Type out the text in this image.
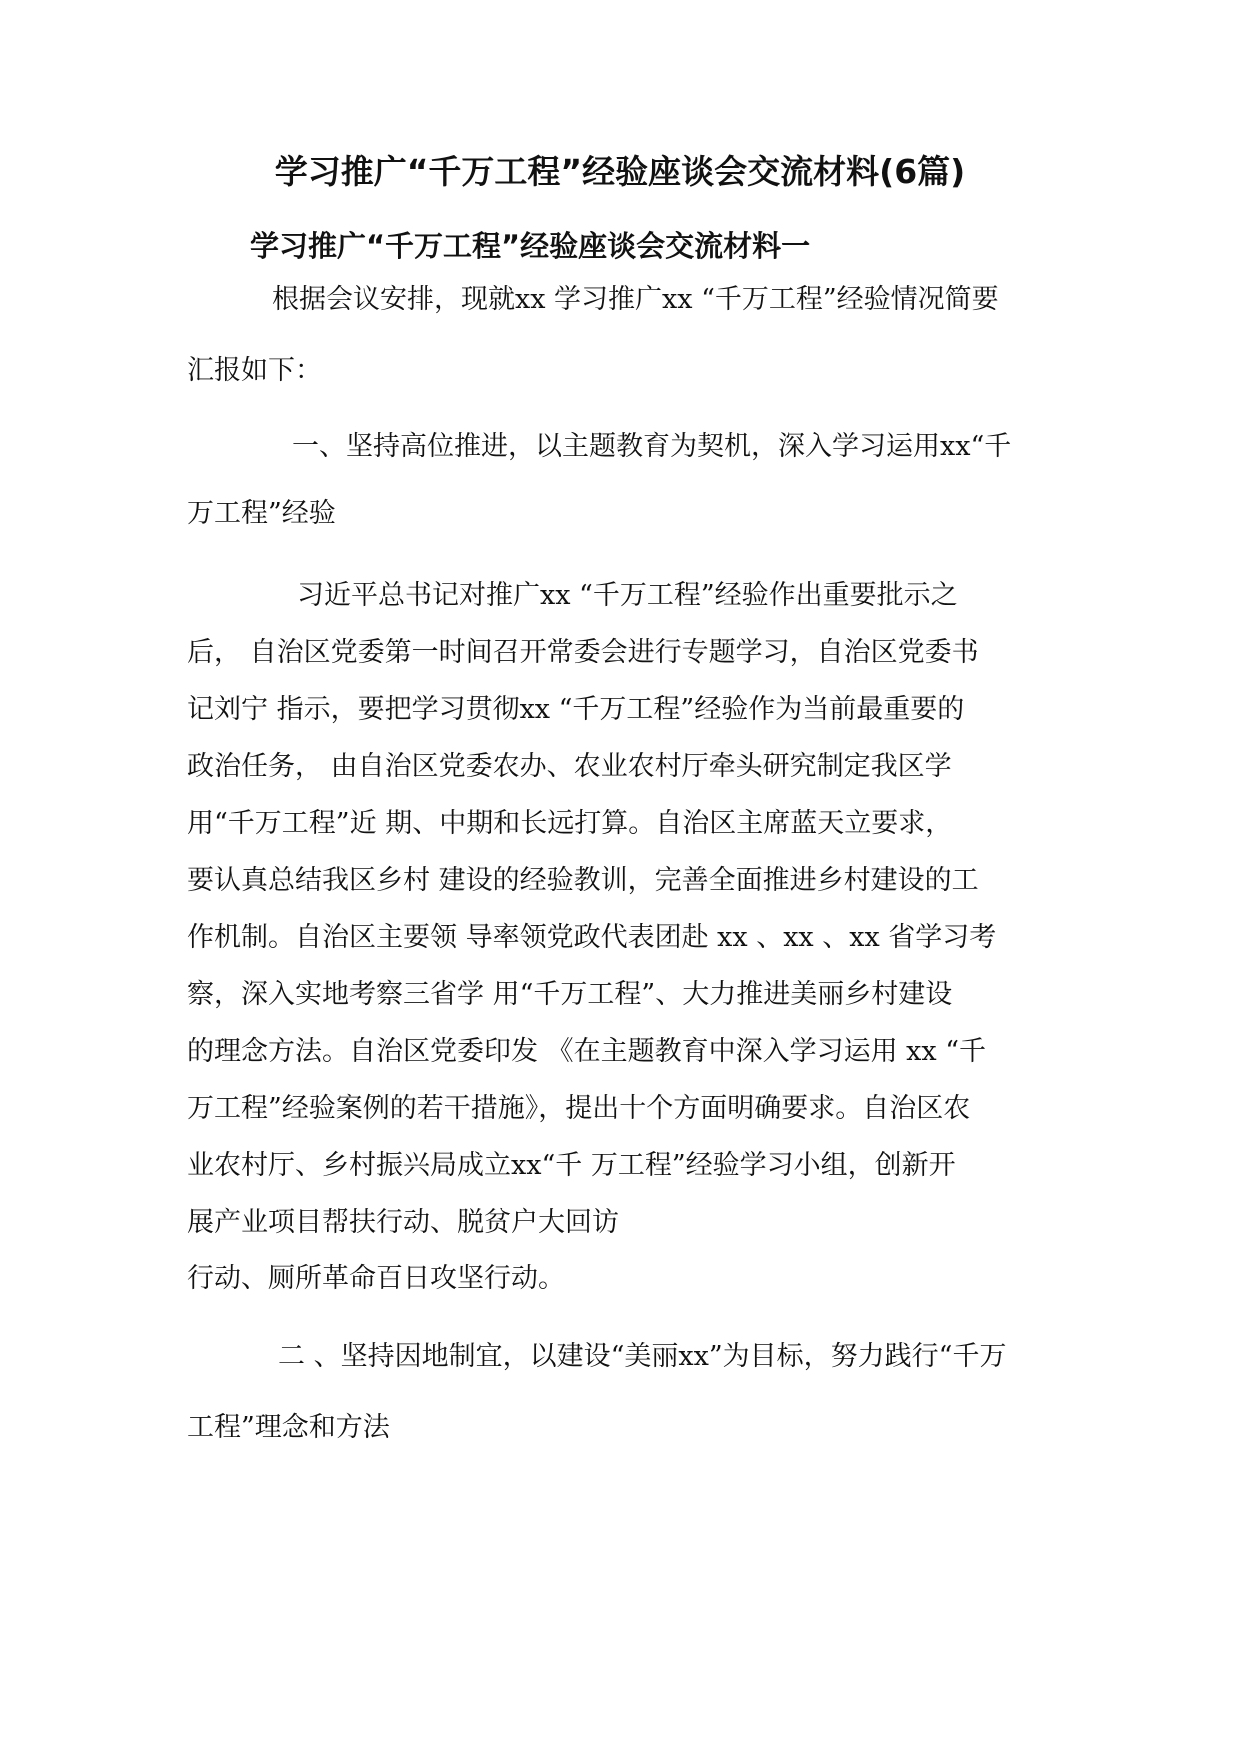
学习推广“千万工程”经验座谈会交流材料(6篇)
学习推广“千万工程”经验座谈会交流材料一
根据会议安排，现就xx 学习推广xx “千万工程”经验情况简要
汇报如下：
一、坚持高位推进，以主题教育为契机，深入学习运用xx“千
万工程”经验
习近平总书记对推广xx “千万工程”经验作出重要批示之
后， 自治区党委第一时间召开常委会进行专题学习，自治区党委书
记刘宁 指示，要把学习贯彻xx “千万工程”经验作为当前最重要的
政治任务， 由自治区党委农办、农业农村厅牵头研究制定我区学
用“千万工程”近 期、中期和长远打算。自治区主席蓝天立要求，
要认真总结我区乡村 建设的经验教训，完善全面推进乡村建设的工
作机制。自治区主要领 导率领党政代表团赴 xx 、xx 、xx 省学习考
察，深入实地考察三省学 用“千万工程”、大力推进美丽乡村建设
的理念方法。自治区党委印发 《在主题教育中深入学习运用 xx “千
万工程”经验案例的若干措施》，提出十个方面明确要求。自治区农
业农村厅、乡村振兴局成立xx“千 万工程”经验学习小组，创新开
展产业项目帮扶行动、脱贫户大回访
行动、厕所革命百日攻坚行动。
二 、坚持因地制宜，以建设“美丽xx”为目标，努力践行“千万
工程”理念和方法
